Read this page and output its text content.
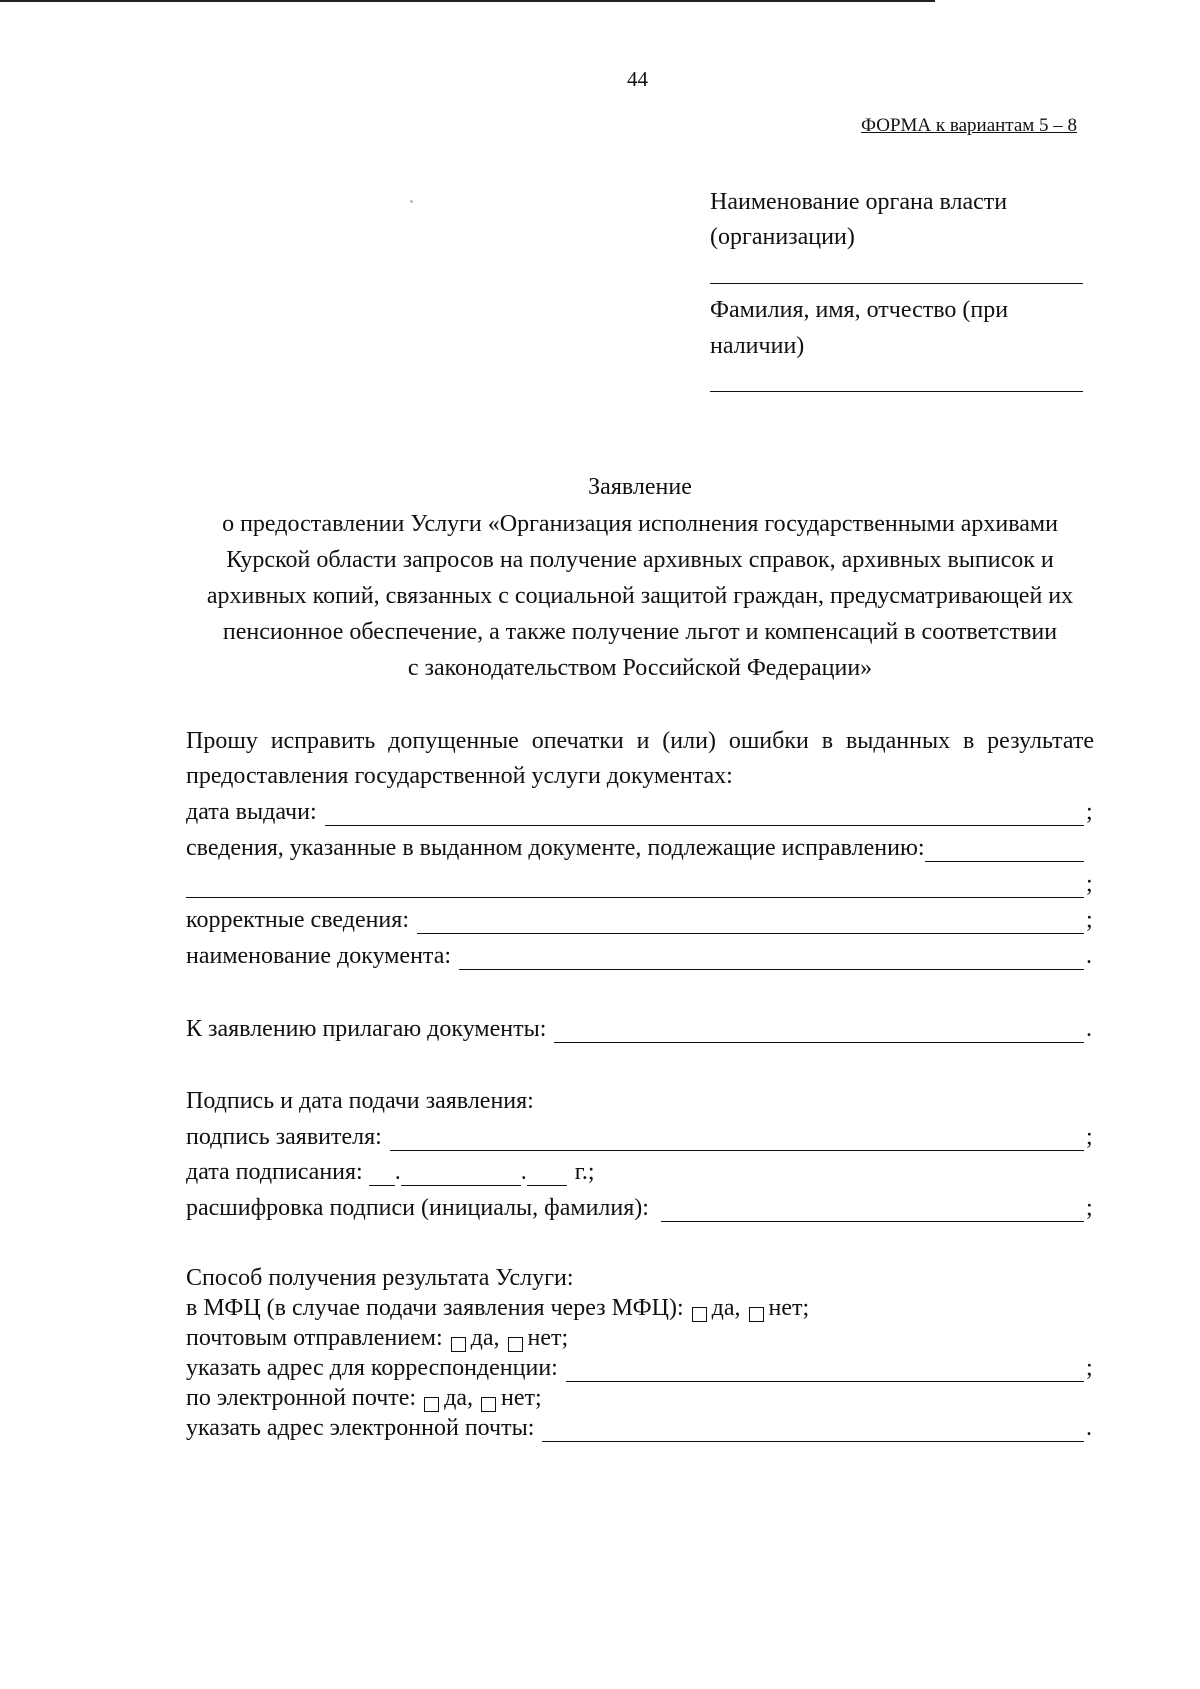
44
ФОРМА к вариантам 5 – 8
Наименование органа власти
(организации)
Фамилия, имя, отчество (при
наличии)
Заявление
о предоставлении Услуги «Организация исполнения государственными архивами
Курской области запросов на получение архивных справок, архивных выписок и
архивных копий, связанных с социальной защитой граждан, предусматривающей их
пенсионное обеспечение, а также получение льгот и компенсаций в соответствии
с законодательством Российской Федерации»
Прошу исправить допущенные опечатки и (или) ошибки в выданных в результате предоставления государственной услуги документах:
дата выдачи:	;
сведения, указанные в выданном документе, подлежащие исправлению:
;
корректные сведения:	;
наименование документа:	.
К заявлению прилагаю документы:	.
Подпись и дата подачи заявления:
подпись заявителя:	;
дата подписания: .	. г.;
расшифровка подписи (инициалы, фамилия):	;
Способ получения результата Услуги:
в МФЦ (в случае подачи заявления через МФЦ): да, нет;
почтовым отправлением: да, нет;
указать адрес для корреспонденции:	;
по электронной почте: да, нет;
указать адрес электронной почты:	.
